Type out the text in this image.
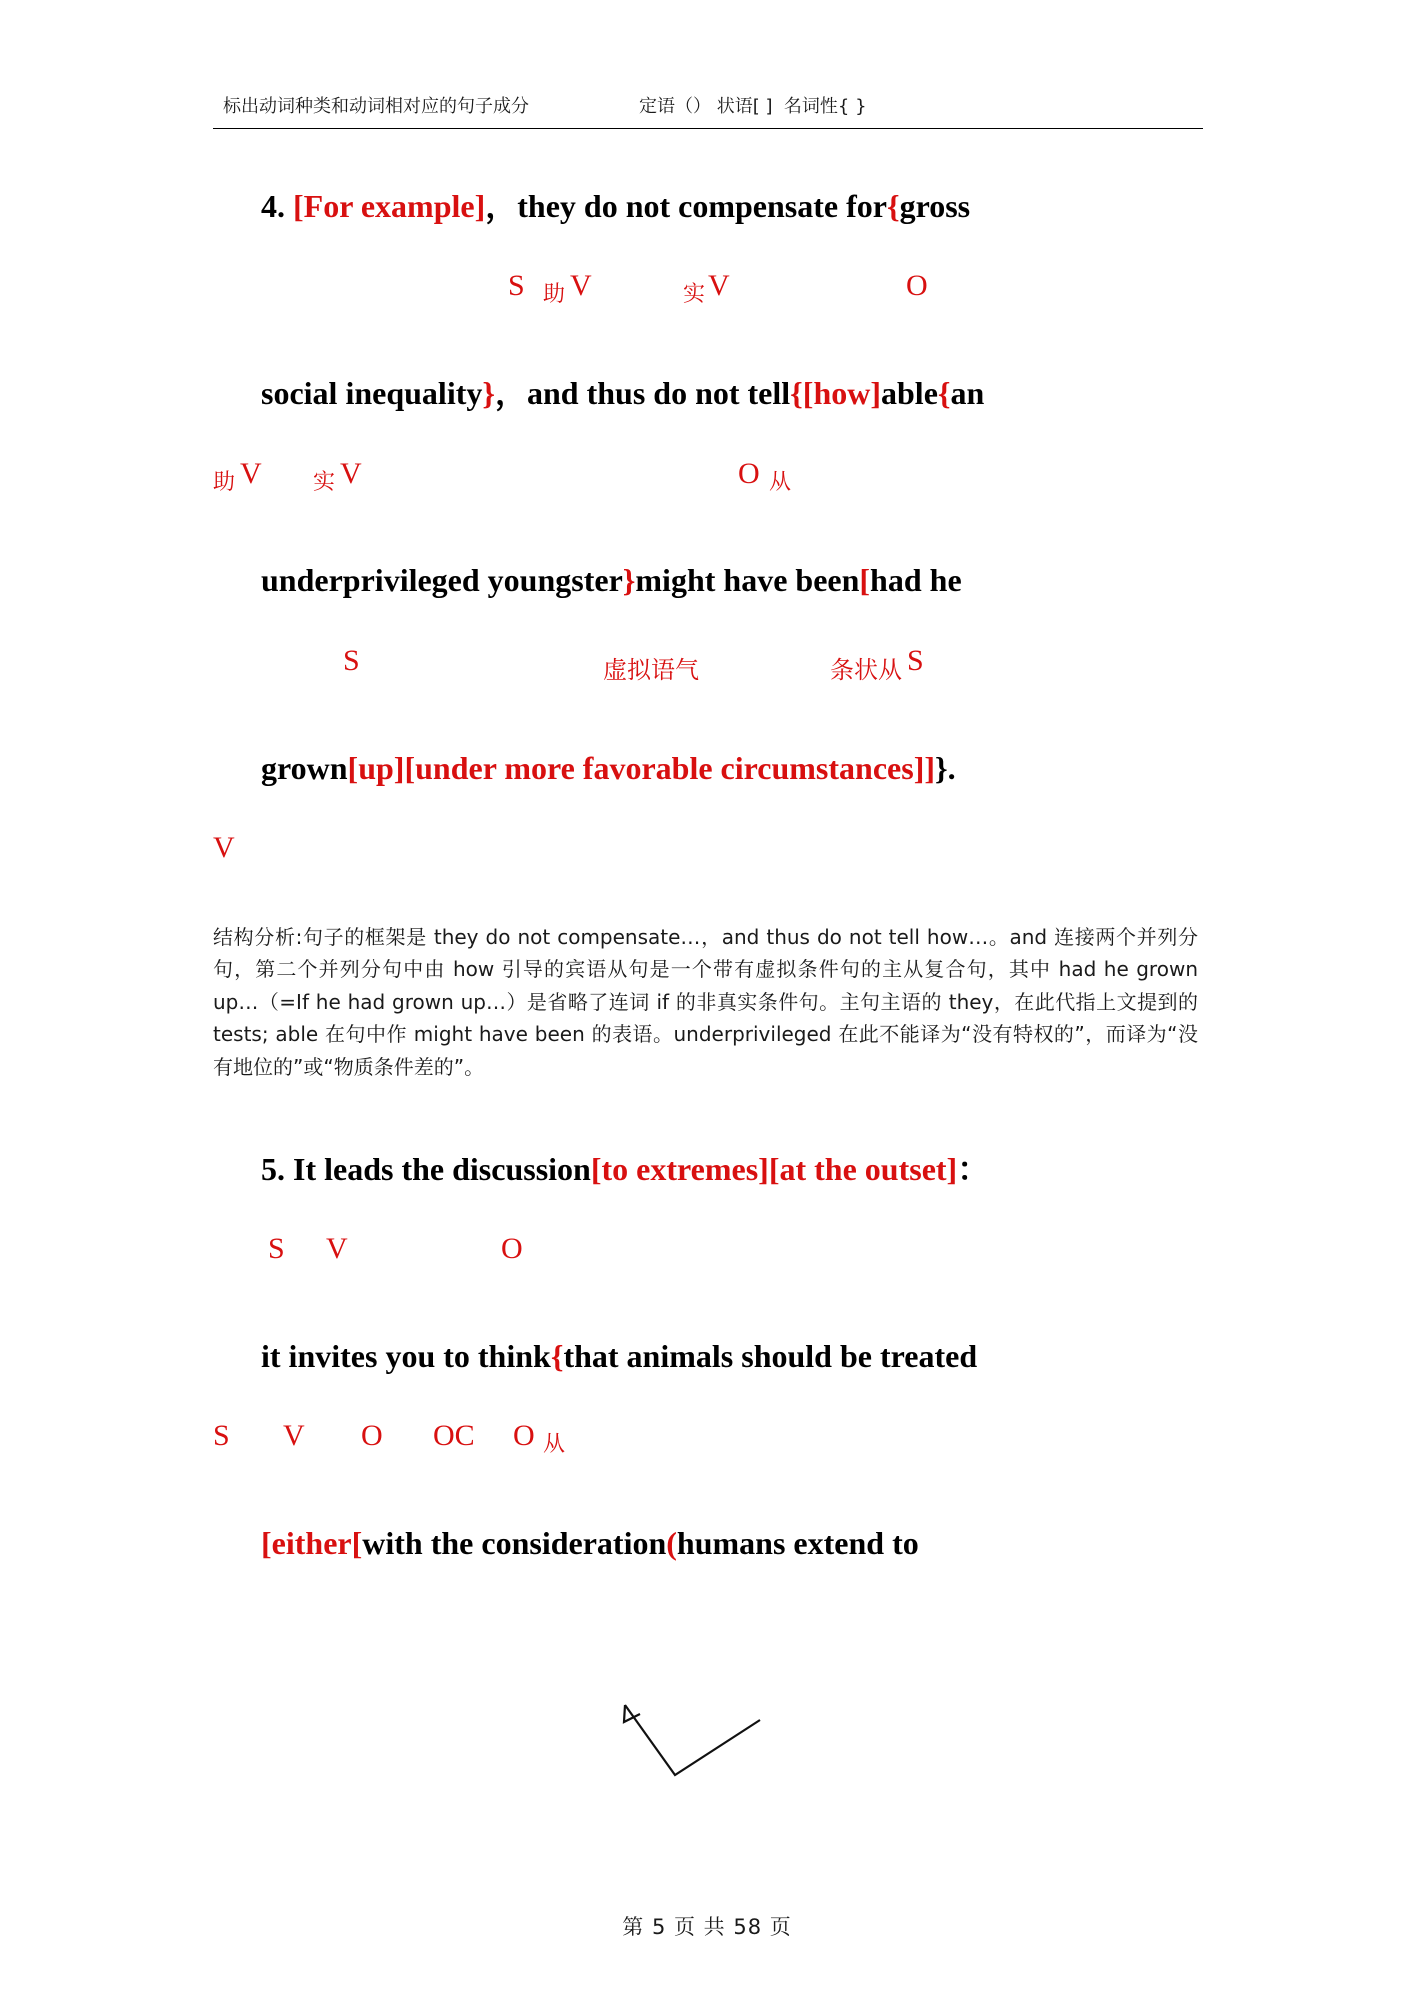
标出动词种类和动词相对应的句子成分	定语（） 状语[ ]  名词性{ }

4. [For example]，they do not compensate for{gross

S 助 V	实 V	O

social inequality}，and thus do not tell{[how]able{an

助 V 实 V	O 从

underprivileged youngster}might have been[had he

S	虚拟语气	条状从 S

grown[up][under more favorable circumstances]]}.

V
结构分析:句子的框架是 they do not compensate…，and thus do not tell how…。and 连接两个并列分句，第二个并列分句中由 how 引导的宾语从句是一个带有虚拟条件句的主从复合句，其中 had he grown up…（=If he had grown up…）是省略了连词 if 的非真实条件句。主句主语的 they，在此代指上文提到的 tests; able 在句中作 might have been 的表语。underprivileged 在此不能译为“没有特权的”，而译为“没有地位的”或“物质条件差的”。

5. It leads the discussion[to extremes][at the outset]：

S V	O

it invites you to think{that animals should be treated

S V O OC O 从

[either[with the consideration(humans extend to

第 5 页 共 58 页
